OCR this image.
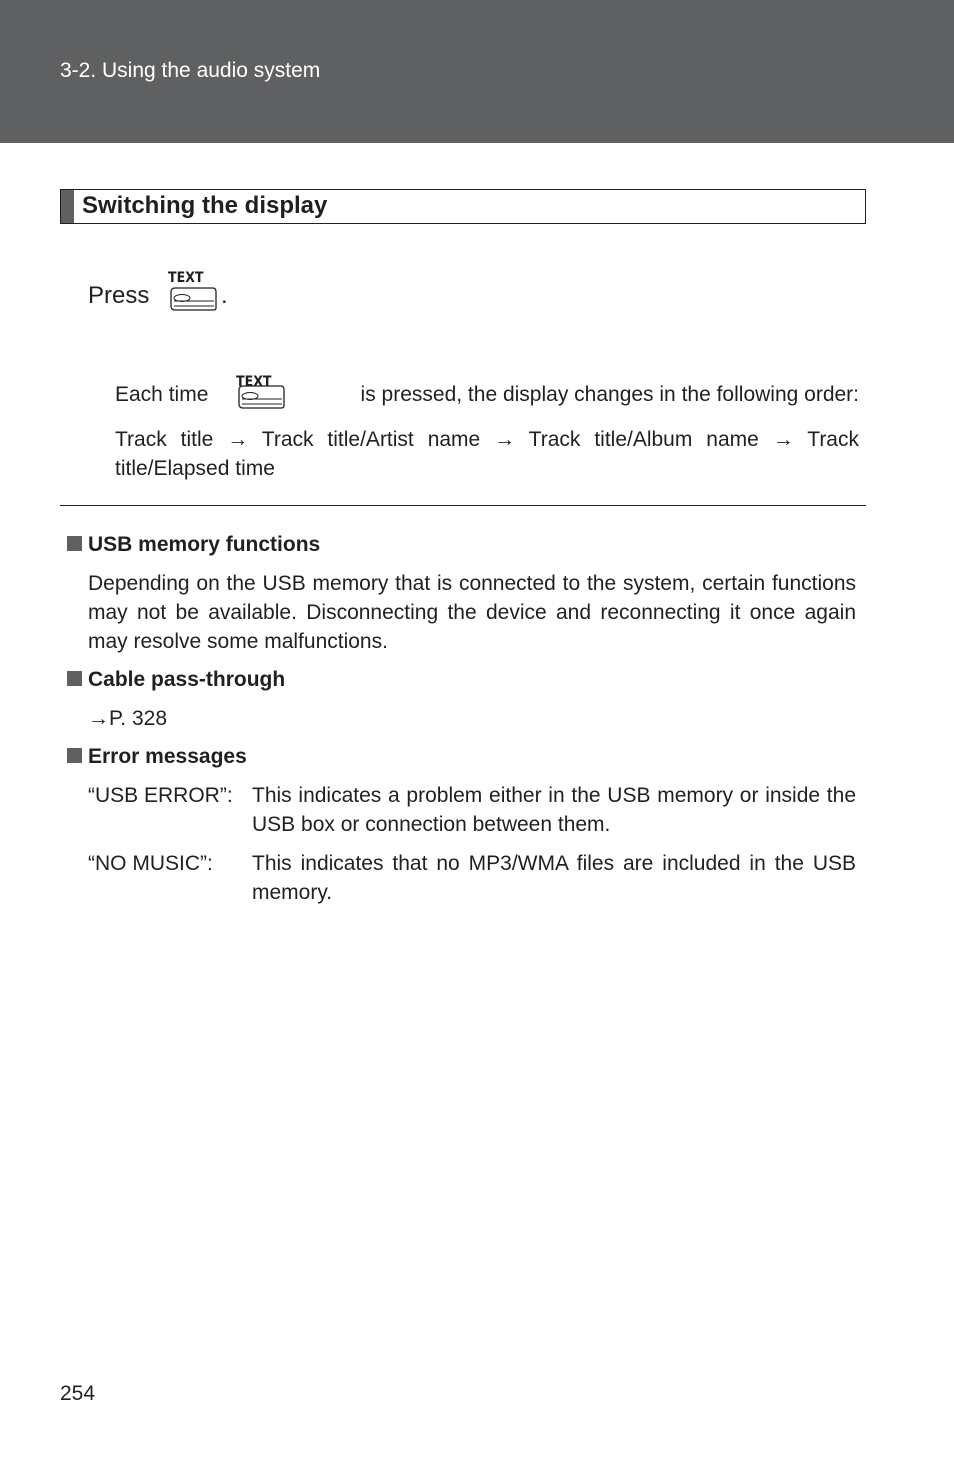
3-2. Using the audio system
Switching the display
Press
TEXT
.
Each time
TEXT
is pressed, the display changes in the following order:
Track title → Track title/Artist name → Track title/Album name → Track title/Elapsed time
USB memory functions
Depending on the USB memory that is connected to the system, certain functions may not be available. Disconnecting the device and reconnecting it once again may resolve some malfunctions.
Cable pass-through
→P. 328
Error messages
“USB ERROR”: This indicates a problem either in the USB memory or inside the USB box or connection between them.
“NO MUSIC”: This indicates that no MP3/WMA files are included in the USB memory.
254
